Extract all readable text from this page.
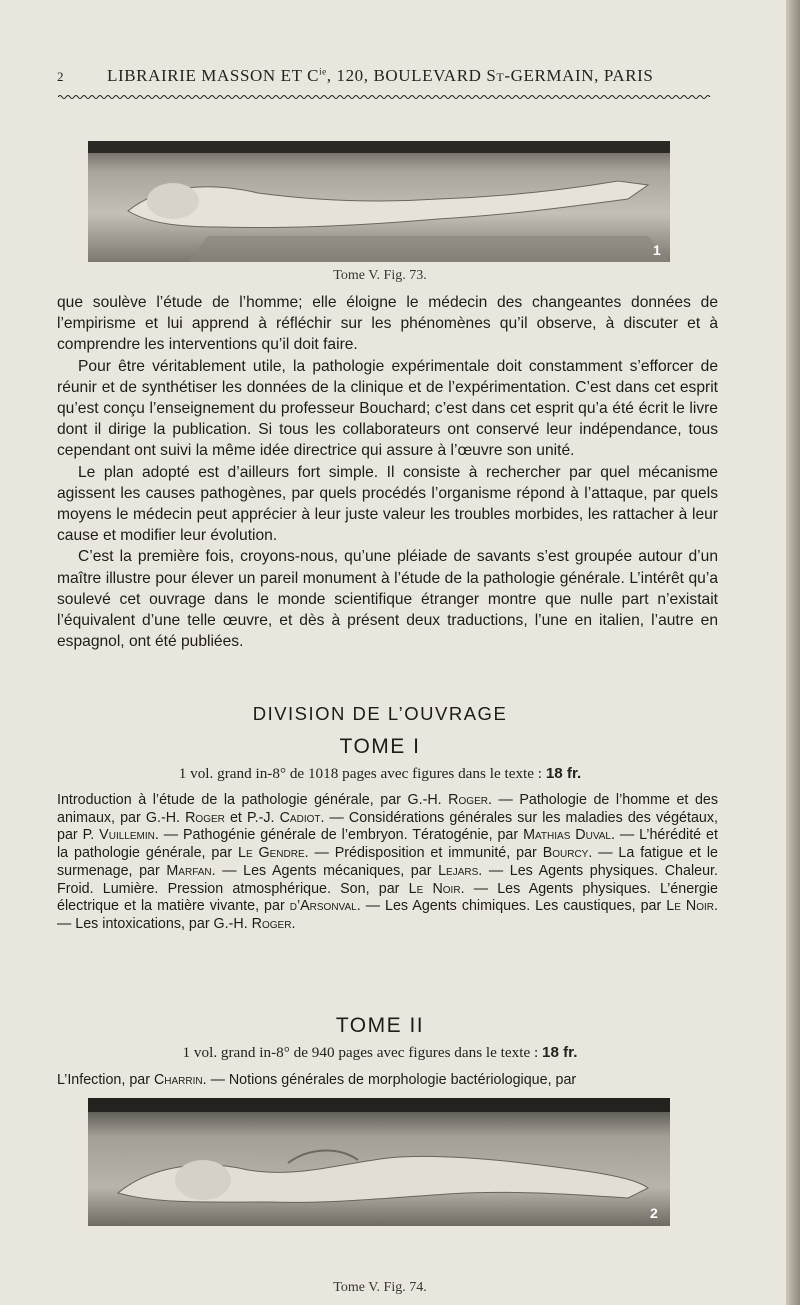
2	LIBRAIRIE MASSON ET $C^{ie}$, 120, BOULEVARD St-GERMAIN, PARIS
1
Tome V. Fig. 73.

que soulève l’étude de l’homme; elle éloigne le médecin des changeantes données de l’empirisme et lui apprend à réfléchir sur les phénomènes qu’il observe, à discuter et à comprendre les interventions qu’il doit faire.

Pour être véritablement utile, la pathologie expérimentale doit constamment s’efforcer de réunir et de synthétiser les données de la clinique et de l’expérimentation. C’est dans cet esprit qu’est conçu l’enseignement du professeur Bouchard; c’est dans cet esprit qu’a été écrit le livre dont il dirige la publication. Si tous les collaborateurs ont conservé leur indépendance, tous cependant ont suivi la même idée directrice qui assure à l’œuvre son unité.

Le plan adopté est d’ailleurs fort simple. Il consiste à rechercher par quel mécanisme agissent les causes pathogènes, par quels procédés l’organisme répond à l’attaque, par quels moyens le médecin peut apprécier à leur juste valeur les troubles morbides, les rattacher à leur cause et modifier leur évolution.

C’est la première fois, croyons-nous, qu’une pléiade de savants s’est groupée autour d’un maître illustre pour élever un pareil monument à l’étude de la pathologie générale. L’intérêt qu’a soulevé cet ouvrage dans le monde scientifique étranger montre que nulle part n’existait l’équivalent d’une telle œuvre, et dès à présent deux traductions, l’une en italien, l’autre en espagnol, ont été publiées.

DIVISION DE L’OUVRAGE
TOME I
1 vol. grand in-8° de 1018 pages avec figures dans le texte : 18 fr.

Introduction à l’étude de la pathologie générale, par G.-H. Roger. — Pathologie de l’homme et des animaux, par G.-H. Roger et P.-J. Cadiot. — Considérations générales sur les maladies des végétaux, par P. Vuillemin. — Pathogénie générale de l’embryon. Tératogénie, par Mathias Duval. — L’hérédité et la pathologie générale, par Le Gendre. — Prédisposition et immunité, par Bourcy. — La fatigue et le surmenage, par Marfan. — Les Agents mécaniques, par Lejars. — Les Agents physiques. Chaleur. Froid. Lumière. Pression atmosphérique. Son, par Le Noir. — Les Agents physiques. L’énergie électrique et la matière vivante, par d’Arsonval. — Les Agents chimiques. Les caustiques, par Le Noir. — Les intoxications, par G.-H. Roger.

TOME II
1 vol. grand in-8° de 940 pages avec figures dans le texte : 18 fr.

L’Infection, par Charrin. — Notions générales de morphologie bactériologique, par

2
Tome V. Fig. 74.
